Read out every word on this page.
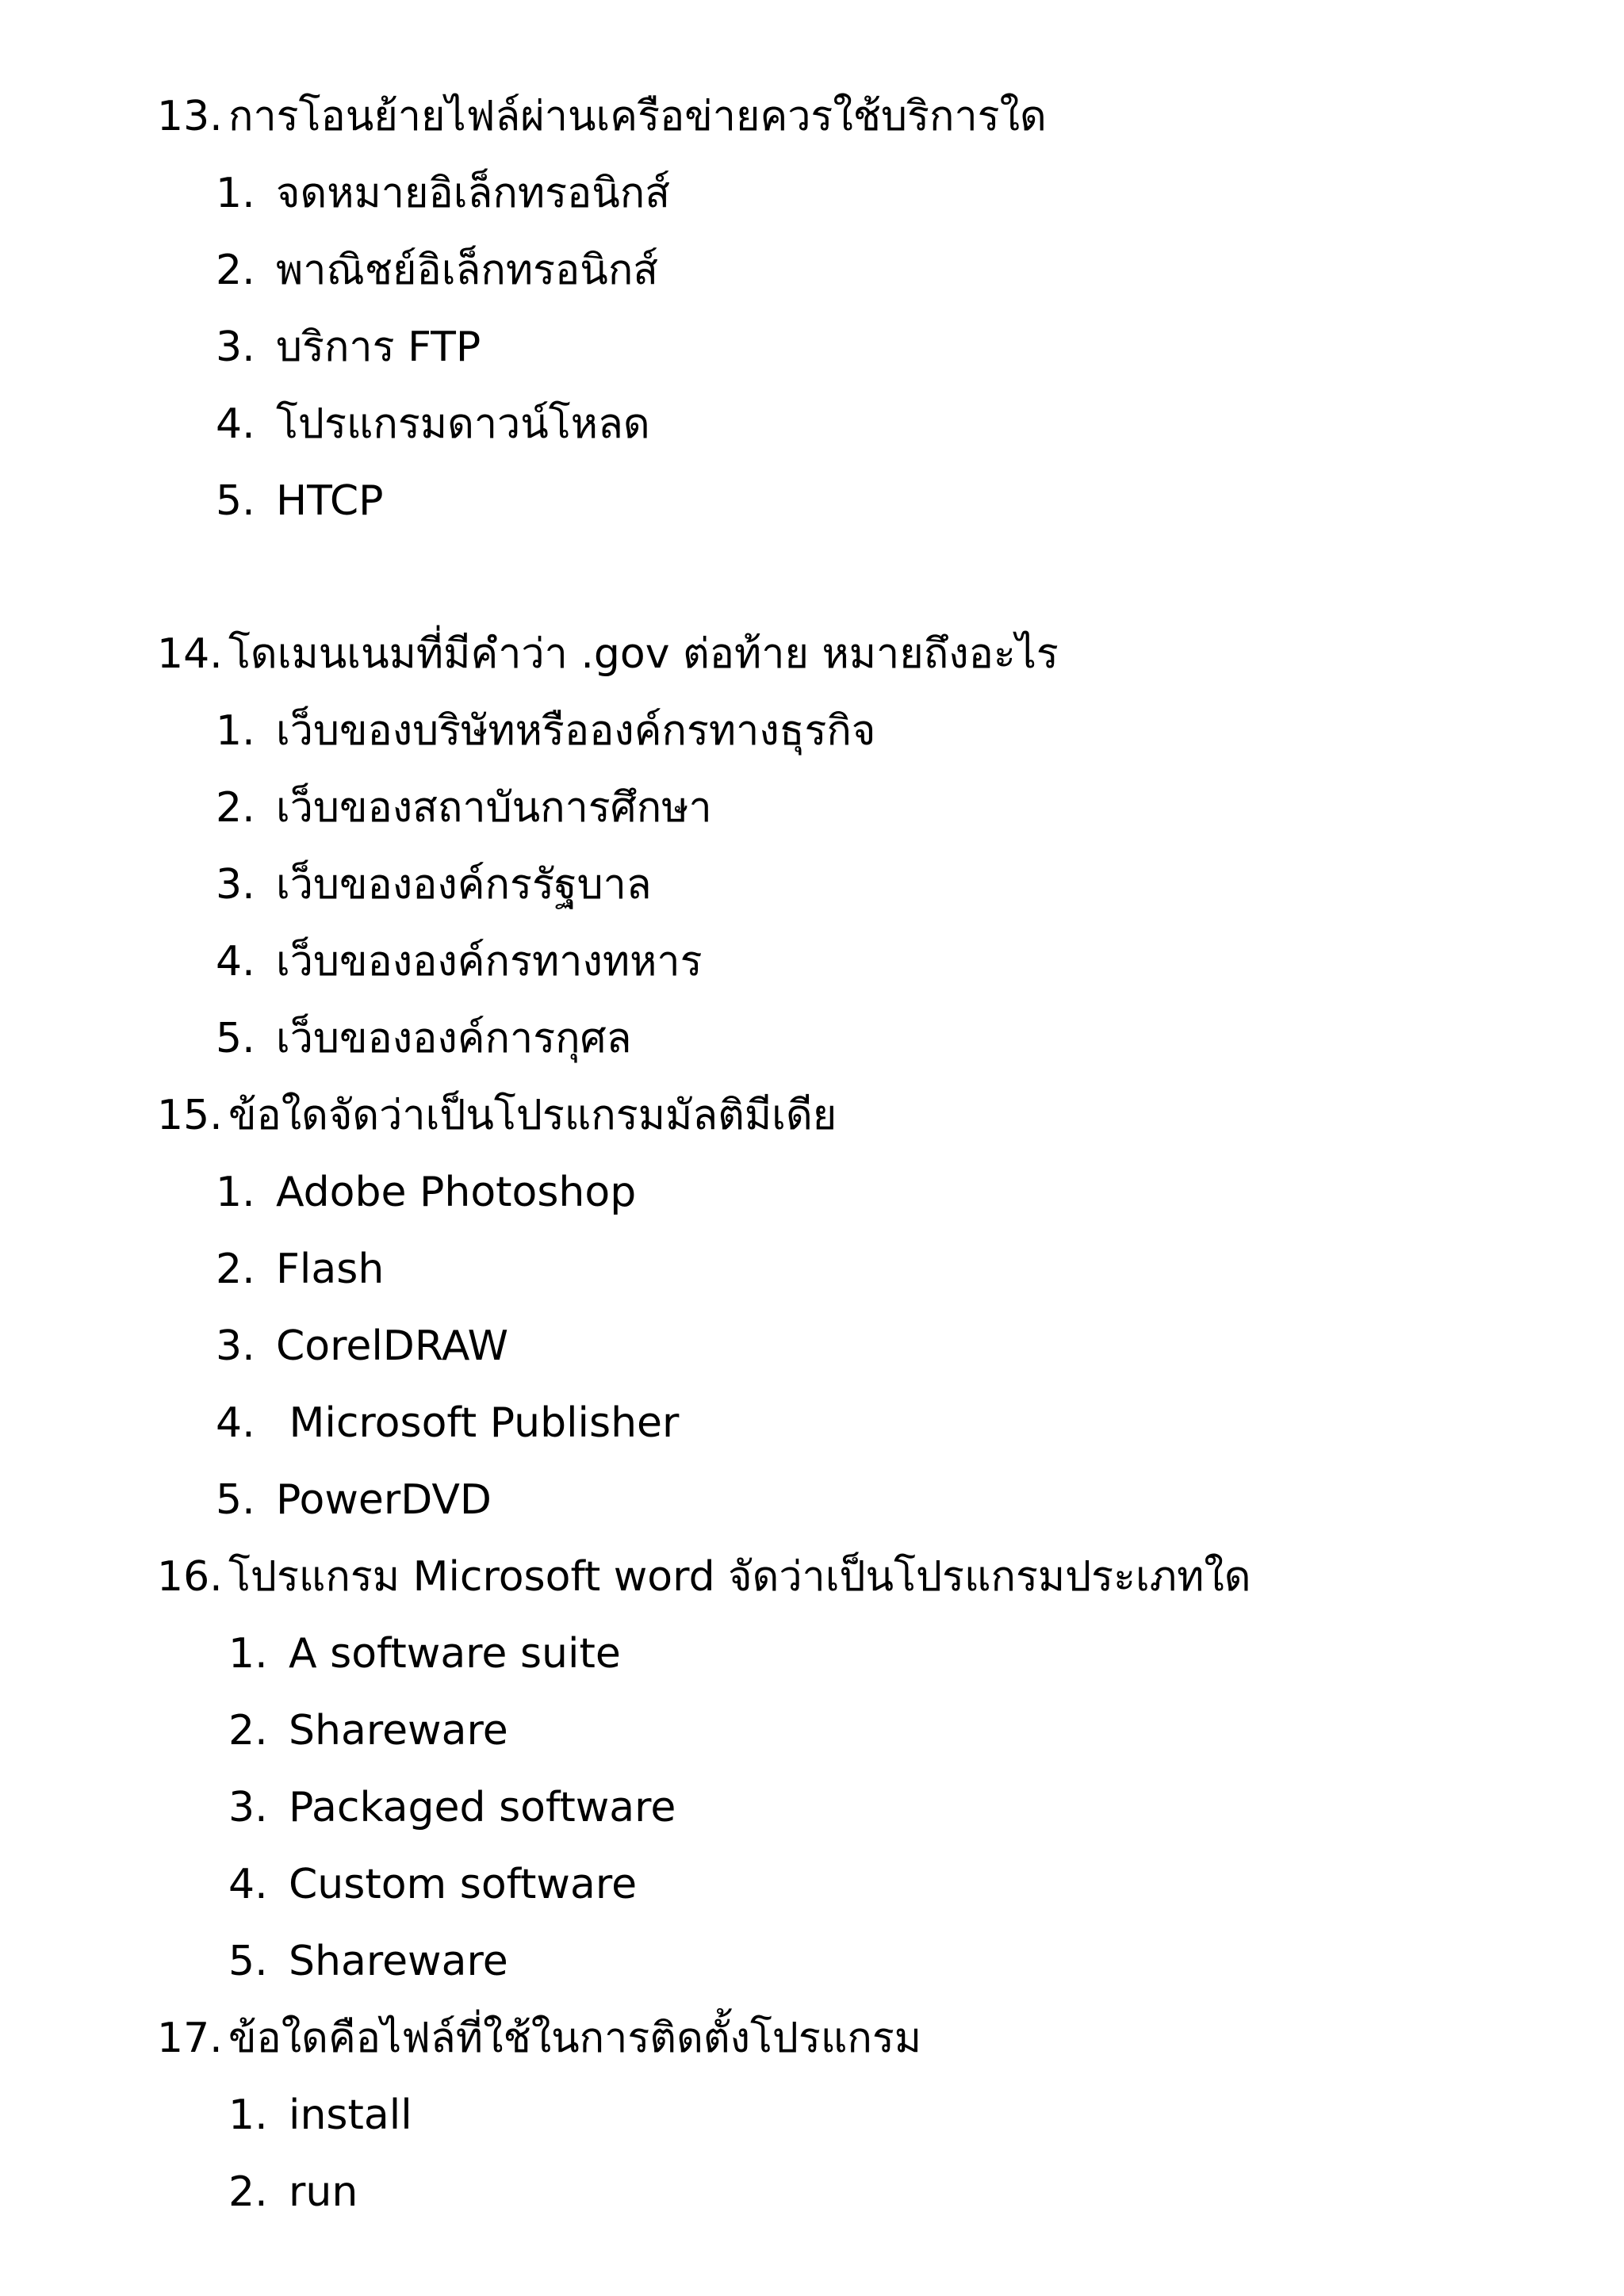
13. การโอนย้ายไฟล์ผ่านเครือข่ายควรใช้บริการใด
1. จดหมายอิเล็กทรอนิกส์
2. พาณิชย์อิเล็กทรอนิกส์
3. บริการ FTP
4. โปรแกรมดาวน์โหลด
5. HTCP
14. โดเมนเนมที่มีคำว่า .gov ต่อท้าย หมายถึงอะไร
1. เว็บของบริษัทหรือองค์กรทางธุรกิจ
2. เว็บของสถาบันการศึกษา
3. เว็บขององค์กรรัฐบาล
4. เว็บขององค์กรทางทหาร
5. เว็บขององค์การกุศล
15. ข้อใดจัดว่าเป็นโปรแกรมมัลติมีเดีย
1. Adobe Photoshop
2. Flash
3. CorelDRAW
4. Microsoft Publisher
5. PowerDVD
16. โปรแกรม Microsoft word จัดว่าเป็นโปรแกรมประเภทใด
1. A software suite
2. Shareware
3. Packaged software
4. Custom software
5. Shareware
17. ข้อใดคือไฟล์ที่ใช้ในการติดตั้งโปรแกรม
1. install
2. run
